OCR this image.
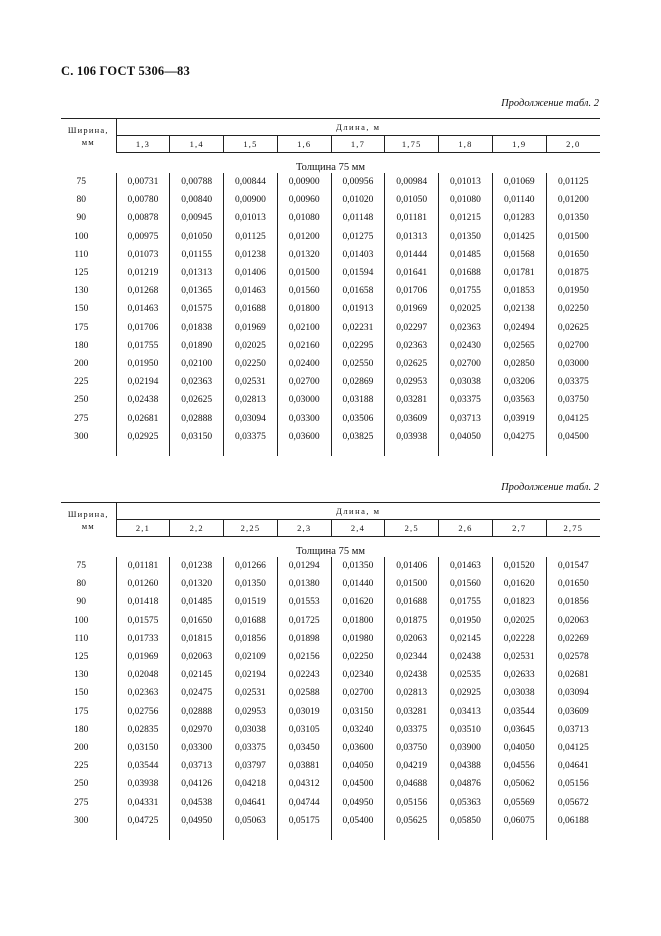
С. 106 ГОСТ 5306—83
Продолжение табл. 2
Ширина, мм	Длина, м								
	1,3	1,4	1,5	1,6	1,7	1,75	1,8	1,9	2,0
Толщина 75 мм									
75	0,00731	0,00788	0,00844	0,00900	0,00956	0,00984	0,01013	0,01069	0,01125
80	0,00780	0,00840	0,00900	0,00960	0,01020	0,01050	0,01080	0,01140	0,01200
90	0,00878	0,00945	0,01013	0,01080	0,01148	0,01181	0,01215	0,01283	0,01350
100	0,00975	0,01050	0,01125	0,01200	0,01275	0,01313	0,01350	0,01425	0,01500
110	0,01073	0,01155	0,01238	0,01320	0,01403	0,01444	0,01485	0,01568	0,01650
125	0,01219	0,01313	0,01406	0,01500	0,01594	0,01641	0,01688	0,01781	0,01875
130	0,01268	0,01365	0,01463	0,01560	0,01658	0,01706	0,01755	0,01853	0,01950
150	0,01463	0,01575	0,01688	0,01800	0,01913	0,01969	0,02025	0,02138	0,02250
175	0,01706	0,01838	0,01969	0,02100	0,02231	0,02297	0,02363	0,02494	0,02625
180	0,01755	0,01890	0,02025	0,02160	0,02295	0,02363	0,02430	0,02565	0,02700
200	0,01950	0,02100	0,02250	0,02400	0,02550	0,02625	0,02700	0,02850	0,03000
225	0,02194	0,02363	0,02531	0,02700	0,02869	0,02953	0,03038	0,03206	0,03375
250	0,02438	0,02625	0,02813	0,03000	0,03188	0,03281	0,03375	0,03563	0,03750
275	0,02681	0,02888	0,03094	0,03300	0,03506	0,03609	0,03713	0,03919	0,04125
300	0,02925	0,03150	0,03375	0,03600	0,03825	0,03938	0,04050	0,04275	0,04500

Продолжение табл. 2
Ширина, мм	Длина, м								
	2,1	2,2	2,25	2,3	2,4	2,5	2,6	2,7	2,75
Толщина 75 мм									
75	0,01181	0,01238	0,01266	0,01294	0,01350	0,01406	0,01463	0,01520	0,01547
80	0,01260	0,01320	0,01350	0,01380	0,01440	0,01500	0,01560	0,01620	0,01650
90	0,01418	0,01485	0,01519	0,01553	0,01620	0,01688	0,01755	0,01823	0,01856
100	0,01575	0,01650	0,01688	0,01725	0,01800	0,01875	0,01950	0,02025	0,02063
110	0,01733	0,01815	0,01856	0,01898	0,01980	0,02063	0,02145	0,02228	0,02269
125	0,01969	0,02063	0,02109	0,02156	0,02250	0,02344	0,02438	0,02531	0,02578
130	0,02048	0,02145	0,02194	0,02243	0,02340	0,02438	0,02535	0,02633	0,02681
150	0,02363	0,02475	0,02531	0,02588	0,02700	0,02813	0,02925	0,03038	0,03094
175	0,02756	0,02888	0,02953	0,03019	0,03150	0,03281	0,03413	0,03544	0,03609
180	0,02835	0,02970	0,03038	0,03105	0,03240	0,03375	0,03510	0,03645	0,03713
200	0,03150	0,03300	0,03375	0,03450	0,03600	0,03750	0,03900	0,04050	0,04125
225	0,03544	0,03713	0,03797	0,03881	0,04050	0,04219	0,04388	0,04556	0,04641
250	0,03938	0,04126	0,04218	0,04312	0,04500	0,04688	0,04876	0,05062	0,05156
275	0,04331	0,04538	0,04641	0,04744	0,04950	0,05156	0,05363	0,05569	0,05672
300	0,04725	0,04950	0,05063	0,05175	0,05400	0,05625	0,05850	0,06075	0,06188
